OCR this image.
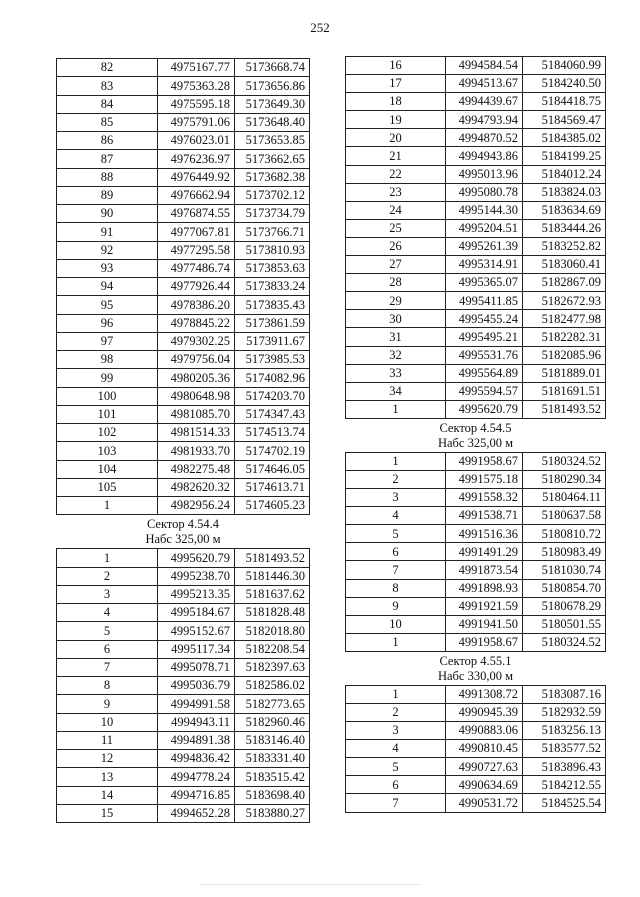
252
82	4975167.77	5173668.74
83	4975363.28	5173656.86
84	4975595.18	5173649.30
85	4975791.06	5173648.40
86	4976023.01	5173653.85
87	4976236.97	5173662.65
88	4976449.92	5173682.38
89	4976662.94	5173702.12
90	4976874.55	5173734.79
91	4977067.81	5173766.71
92	4977295.58	5173810.93
93	4977486.74	5173853.63
94	4977926.44	5173833.24
95	4978386.20	5173835.43
96	4978845.22	5173861.59
97	4979302.25	5173911.67
98	4979756.04	5173985.53
99	4980205.36	5174082.96
100	4980648.98	5174203.70
101	4981085.70	5174347.43
102	4981514.33	5174513.74
103	4981933.70	5174702.19
104	4982275.48	5174646.05
105	4982620.32	5174613.71
1	4982956.24	5174605.23

Сектор 4.54.4
Набс 325,00 м		

1	4995620.79	5181493.52
2	4995238.70	5181446.30
3	4995213.35	5181637.62
4	4995184.67	5181828.48
5	4995152.67	5182018.80
6	4995117.34	5182208.54
7	4995078.71	5182397.63
8	4995036.79	5182586.02
9	4994991.58	5182773.65
10	4994943.11	5182960.46
11	4994891.38	5183146.40
12	4994836.42	5183331.40
13	4994778.24	5183515.42
14	4994716.85	5183698.40
15	4994652.28	5183880.27
16	4994584.54	5184060.99
17	4994513.67	5184240.50
18	4994439.67	5184418.75
19	4994793.94	5184569.47
20	4994870.52	5184385.02
21	4994943.86	5184199.25
22	4995013.96	5184012.24
23	4995080.78	5183824.03
24	4995144.30	5183634.69
25	4995204.51	5183444.26
26	4995261.39	5183252.82
27	4995314.91	5183060.41
28	4995365.07	5182867.09
29	4995411.85	5182672.93
30	4995455.24	5182477.98
31	4995495.21	5182282.31
32	4995531.76	5182085.96
33	4995564.89	5181889.01
34	4995594.57	5181691.51
1	4995620.79	5181493.52

Сектор 4.54.5
Набс 325,00 м		

1	4991958.67	5180324.52
2	4991575.18	5180290.34
3	4991558.32	5180464.11
4	4991538.71	5180637.58
5	4991516.36	5180810.72
6	4991491.29	5180983.49
7	4991873.54	5181030.74
8	4991898.93	5180854.70
9	4991921.59	5180678.29
10	4991941.50	5180501.55
1	4991958.67	5180324.52

Сектор 4.55.1
Набс 330,00 м		

1	4991308.72	5183087.16
2	4990945.39	5182932.59
3	4990883.06	5183256.13
4	4990810.45	5183577.52
5	4990727.63	5183896.43
6	4990634.69	5184212.55
7	4990531.72	5184525.54
